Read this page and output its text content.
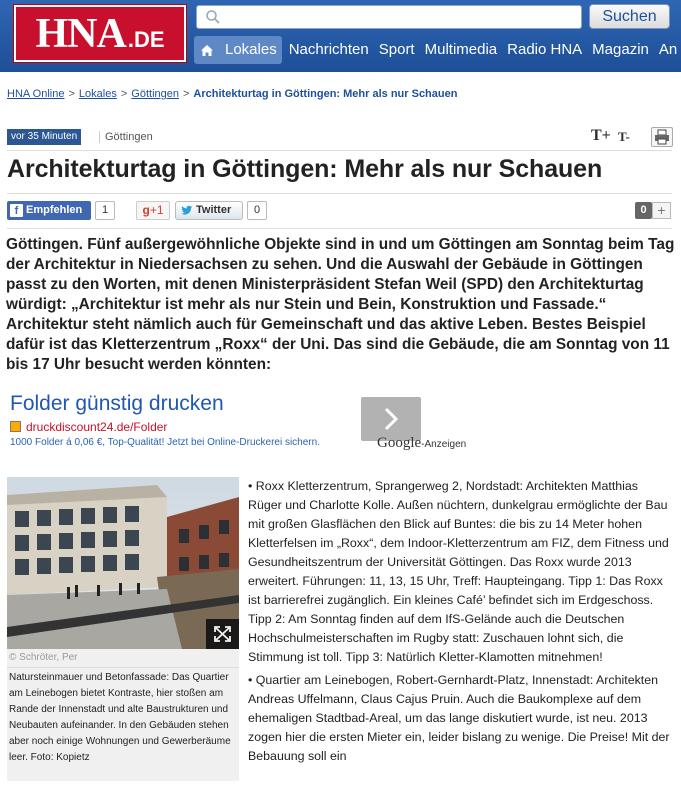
HNA .DE
Suchen
Lokales Nachrichten Sport Multimedia Radio HNA Magazin An
HNA Online > Lokales > Göttingen > Architekturtag in Göttingen: Mehr als nur Schauen
vor 35 Minuten	Göttingen	T+ T-
Architekturtag in Göttingen: Mehr als nur Schauen
f Empfehlen	1	g+1	Twitter	0	0 +

Göttingen. Fünf außergewöhnliche Objekte sind in und um Göttingen am Sonntag beim Tag der Architektur in Niedersachsen zu sehen. Und die Auswahl der Gebäude in Göttingen passt zu den Worten, mit denen Ministerpräsident Stefan Weil (SPD) den Architekturtag würdigt: „Architektur ist mehr als nur Stein und Bein, Konstruktion und Fassade.“ Architektur steht nämlich auch für Gemeinschaft und das aktive Leben. Bestes Beispiel dafür ist das Kletterzentrum „Roxx“ der Uni. Das sind die Gebäude, die am Sonntag von 11 bis 17 Uhr besucht werden könnten:

Folder günstig drucken
druckdiscount24.de/Folder
1000 Folder á 0,06 €, Top-Qualität! Jetzt bei Online-Druckerei sichern.	Google-Anzeigen
© Schröter, Per
Natursteinmauer und Betonfassade: Das Quartier am Leinebogen bietet Kontraste, hier stoßen am Rande der Innenstadt und alte Baustrukturen und Neubauten aufeinander. In den Gebäuden stehen aber noch einige Wohnungen und Gewerberäume leer. Foto: Kopietz

• Roxx Kletterzentrum, Sprangerweg 2, Nordstadt: Architekten Matthias Rüger und Charlotte Kolle. Außen nüchtern, dunkelgrau ermöglichte der Bau mit großen Glasflächen den Blick auf Buntes: die bis zu 14 Meter hohen Kletterfelsen im „Roxx“, dem Indoor-Kletterzentrum am FIZ, dem Fitness und Gesundheitszentrum der Universität Göttingen. Das Roxx wurde 2013 erweitert. Führungen: 11, 13, 15 Uhr, Treff: Haupteingang. Tipp 1: Das Roxx ist barrierefrei zugänglich. Ein kleines Café’ befindet sich im Erdgeschoss. Tipp 2: Am Sonntag finden auf dem IfS-Gelände auch die Deutschen Hochschulmeisterschaften im Rugby statt: Zuschauen lohnt sich, die Stimmung ist toll. Tipp 3: Natürlich Kletter-Klamotten mitnehmen!

• Quartier am Leinebogen, Robert-Gernhardt-Platz, Innenstadt: Architekten Andreas Uffelmann, Claus Cajus Pruin. Auch die Baukomplexe auf dem ehemaligen Stadtbad-Areal, um das lange diskutiert wurde, ist neu. 2013 zogen hier die ersten Mieter ein, leider bislang zu wenige. Die Preise! Mit der Bebauung soll ein
